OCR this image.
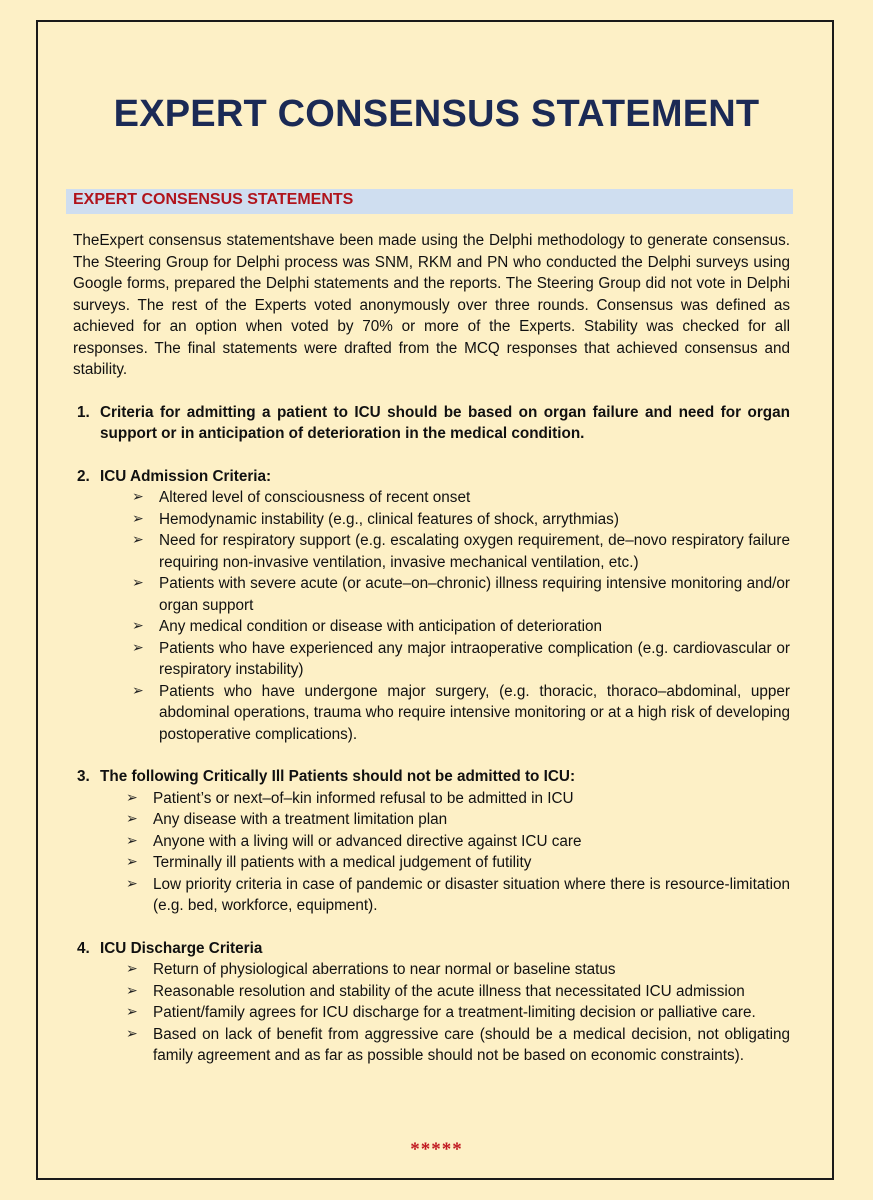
EXPERT CONSENSUS STATEMENT
EXPERT CONSENSUS STATEMENTS

TheExpert consensus statementshave been made using the Delphi methodology to generate consensus. The Steering Group for Delphi process was SNM, RKM and PN who conducted the Delphi surveys using Google forms, prepared the Delphi statements and the reports. The Steering Group did not vote in Delphi surveys. The rest of the Experts voted anonymously over three rounds. Consensus was defined as achieved for an option when voted by 70% or more of the Experts. Stability was checked for all responses. The final statements were drafted from the MCQ responses that achieved consensus and stability.

1. Criteria for admitting a patient to ICU should be based on organ failure and need for organ support or in anticipation of deterioration in the medical condition.
2. ICU Admission Criteria:
➢ Altered level of consciousness of recent onset
➢ Hemodynamic instability (e.g., clinical features of shock, arrythmias)
➢ Need for respiratory support (e.g. escalating oxygen requirement, de–novo respiratory failure requiring non-invasive ventilation, invasive mechanical ventilation, etc.)
➢ Patients with severe acute (or acute–on–chronic) illness requiring intensive monitoring and/or organ support
➢ Any medical condition or disease with anticipation of deterioration
➢ Patients who have experienced any major intraoperative complication (e.g. cardiovascular or respiratory instability)
➢ Patients who have undergone major surgery, (e.g. thoracic, thoraco–abdominal, upper abdominal operations, trauma who require intensive monitoring or at a high risk of developing postoperative complications).
3. The following Critically Ill Patients should not be admitted to ICU:
➢ Patient’s or next–of–kin informed refusal to be admitted in ICU
➢ Any disease with a treatment limitation plan
➢ Anyone with a living will or advanced directive against ICU care
➢ Terminally ill patients with a medical judgement of futility
➢ Low priority criteria in case of pandemic or disaster situation where there is resource-limitation (e.g. bed, workforce, equipment).
4. ICU Discharge Criteria
➢ Return of physiological aberrations to near normal or baseline status
➢ Reasonable resolution and stability of the acute illness that necessitated ICU admission
➢ Patient/family agrees for ICU discharge for a treatment-limiting decision or palliative care.
➢ Based on lack of benefit from aggressive care (should be a medical decision, not obligating family agreement and as far as possible should not be based on economic constraints).
*****
